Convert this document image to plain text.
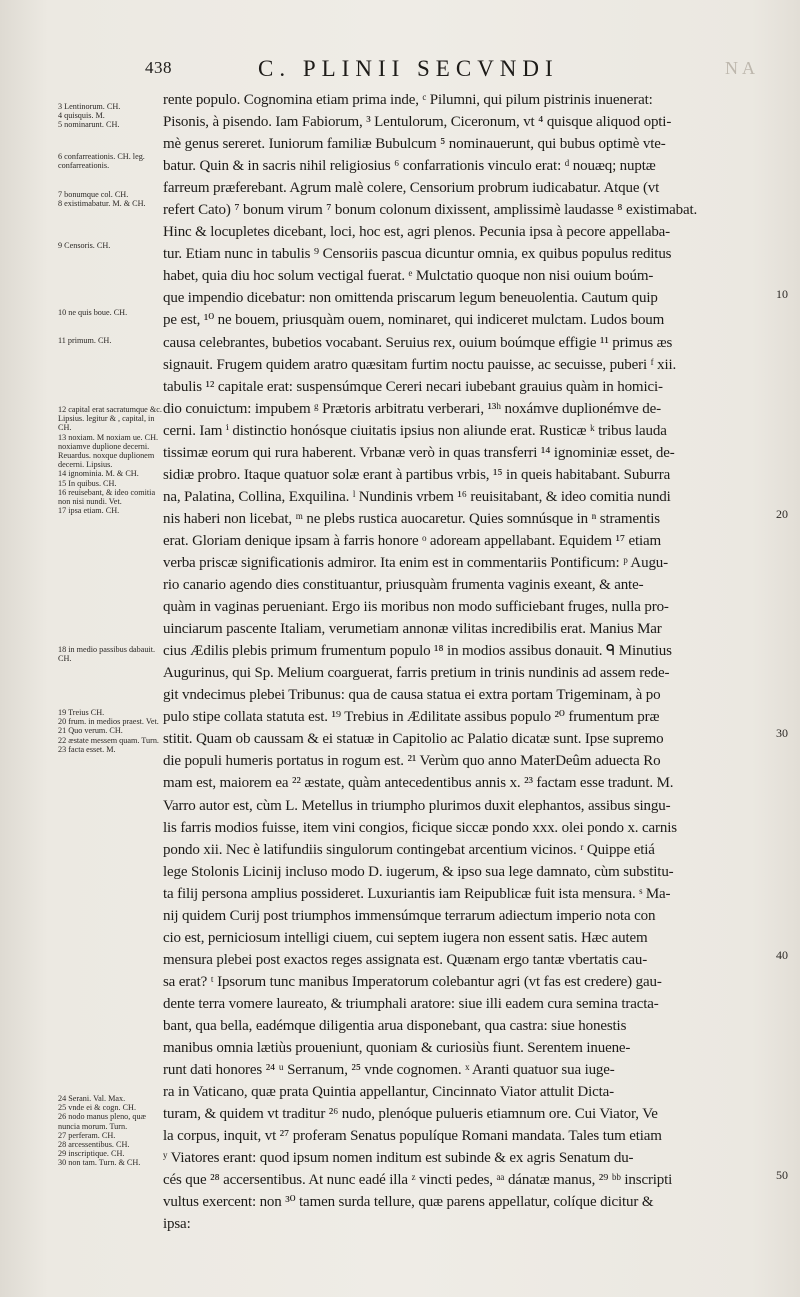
438	C. PLINII SECVNDI	NA
3 Lentinorum. CH.
4 quisquis. M.
5 nominarunt. CH.
6 confarreationis. CH. leg. confarreationis.
7 bonumque col. CH.
8 existimabatur. M. & CH.
9 Censoris. CH.
10 ne quis boue. CH.
11 primum. CH.
12 capital erat sacratumque &c. Lipsius. legitur & , capital, in CH.
13 noxiam. M noxiam ue. CH. noxiamve duplione decerni. Reuardus. noxque duplionem decerni. Lipsius.
14 ignominia. M. & CH.
15 In quibus. CH.
16 reuisebant, & ideo comitia non nisi nundi. Vet.
17 ipsa etiam. CH.
18 in medio passibus dabauit. CH.
19 Treius CH.
20 frum. in medios praest. Vet.
21 Quo verum. CH.
22 æstate messem quam. Turn.
23 facta esset. M.
24 Serani. Val. Max.
25 vnde ei & cogn. CH.
26 nodo manus pleno, quæ nuncia morum. Turn.
27 perferam. CH.
28 arcessentibus. CH.
29 inscriptique. CH.
30 non tam. Turn. & CH.
rente populo. Cognomina etiam prima inde, ᶜ Pilumni, qui pilum pistrinis inuenerat:
Pisonis, à pisendo. Iam Fabiorum, ³ Lentulorum, Ciceronum, vt ⁴ quisque aliquod opti-
mè genus sereret. Iuniorum familiæ Bubulcum ⁵ nominauerunt, qui bubus optimè vte-
batur. Quin & in sacris nihil religiosius ⁶ confarrationis vinculo erat: ᵈ nouæq; nuptæ
farreum præferebant. Agrum malè colere, Censorium probrum iudicabatur. Atque (vt
refert Cato) ⁷ bonum virum ⁷ bonum colonum dixissent, amplissimè laudasse ⁸ existimabat.
Hinc & locupletes dicebant, loci, hoc est, agri plenos. Pecunia ipsa à pecore appellaba-
tur. Etiam nunc in tabulis ⁹ Censoriis pascua dicuntur omnia, ex quibus populus reditus
habet, quia diu hoc solum vectigal fuerat. ᵉ Mulctatio quoque non nisi ouium boúm-
que impendio dicebatur: non omittenda priscarum legum beneuolentia. Cautum quip
pe est, ¹⁰ ne bouem, priusquàm ouem, nominaret, qui indiceret mulctam. Ludos boum
causa celebrantes, bubetios vocabant. Seruius rex, ouium boúmque effigie ¹¹ primus æs
signauit. Frugem quidem aratro quæsitam furtim noctu pauisse, ac secuisse, puberi ᶠ xii.
tabulis ¹² capitale erat: suspensúmque Cereri necari iubebant grauius quàm in homici-
dio conuictum: impubem ᵍ Prætoris arbitratu verberari, ¹³ʰ noxámve duplionémve de-
cerni. Iam ⁱ distinctio honósque ciuitatis ipsius non aliunde erat. Rusticæ ᵏ tribus lauda
tissimæ eorum qui rura haberent. Vrbanæ verò in quas transferri ¹⁴ ignominiæ esset, de-
sidiæ probro. Itaque quatuor solæ erant à partibus vrbis, ¹⁵ in queis habitabant. Suburra
na, Palatina, Collina, Exquilina. ˡ Nundinis vrbem ¹⁶ reuisitabant, & ideo comitia nundi
nis haberi non licebat, ᵐ ne plebs rustica auocaretur. Quies somnúsque in ⁿ stramentis
erat. Gloriam denique ipsam à farris honore ᵒ adoream appellabant. Equidem ¹⁷ etiam
verba priscæ significationis admiror. Ita enim est in commentariis Pontificum: ᵖ Augu-
rio canario agendo dies constituantur, priusquàm frumenta vaginis exeant, & ante-
quàm in vaginas perueniant. Ergo iis moribus non modo sufficiebant fruges, nulla pro-
uinciarum pascente Italiam, verumetiam annonæ vilitas incredibilis erat. Manius Mar
cius Ædilis plebis primum frumentum populo ¹⁸ in modios assibus donauit. ᑫ Minutius
Augurinus, qui Sp. Melium coarguerat, farris pretium in trinis nundinis ad assem rede-
git vndecimus plebei Tribunus: qua de causa statua ei extra portam Trigeminam, à po
pulo stipe collata statuta est. ¹⁹ Trebius in Ædilitate assibus populo ²⁰ frumentum præ
stitit. Quam ob caussam & ei statuæ in Capitolio ac Palatio dicatæ sunt. Ipse supremo
die populi humeris portatus in rogum est. ²¹ Verùm quo anno MaterDeûm aduecta Ro
mam est, maiorem ea ²² æstate, quàm antecedentibus annis x. ²³ factam esse tradunt. M.
Varro autor est, cùm L. Metellus in triumpho plurimos duxit elephantos, assibus singu-
lis farris modios fuisse, item vini congios, ficique siccæ pondo xxx. olei pondo x. carnis
pondo xii. Nec è latifundiis singulorum contingebat arcentium vicinos. ʳ Quippe etiá
lege Stolonis Licinij incluso modo D. iugerum, & ipso sua lege damnato, cùm substitu-
ta filij persona amplius possideret. Luxuriantis iam Reipublicæ fuit ista mensura. ˢ Ma-
nij quidem Curij post triumphos immensúmque terrarum adiectum imperio nota con
cio est, perniciosum intelligi ciuem, cui septem iugera non essent satis. Hæc autem
mensura plebei post exactos reges assignata est. Quænam ergo tantæ vbertatis cau-
sa erat? ᵗ Ipsorum tunc manibus Imperatorum colebantur agri (vt fas est credere) gau-
dente terra vomere laureato, & triumphali aratore: siue illi eadem cura semina tracta-
bant, qua bella, eadémque diligentia arua disponebant, qua castra: siue honestis
manibus omnia lætiùs proueniunt, quoniam & curiosiùs fiunt. Serentem inuene-
runt dati honores ²⁴ ᵘ Serranum, ²⁵ vnde cognomen. ˣ Aranti quatuor sua iuge-
ra in Vaticano, quæ prata Quintia appellantur, Cincinnato Viator attulit Dicta-
turam, & quidem vt traditur ²⁶ nudo, plenóque pulueris etiamnum ore. Cui Viator, Ve
la corpus, inquit, vt ²⁷ proferam Senatus populíque Romani mandata. Tales tum etiam
ʸ Viatores erant: quod ipsum nomen inditum est subinde & ex agris Senatum du-
cés que ²⁸ accersentibus. At nunc eadé illa ᶻ vincti pedes, ᵃᵃ dánatæ manus, ²⁹ ᵇᵇ inscripti
vultus exercent: non ³⁰ tamen surda tellure, quæ parens appellatur, colíque dicitur &
ipsa:
10
20
30
40
50
